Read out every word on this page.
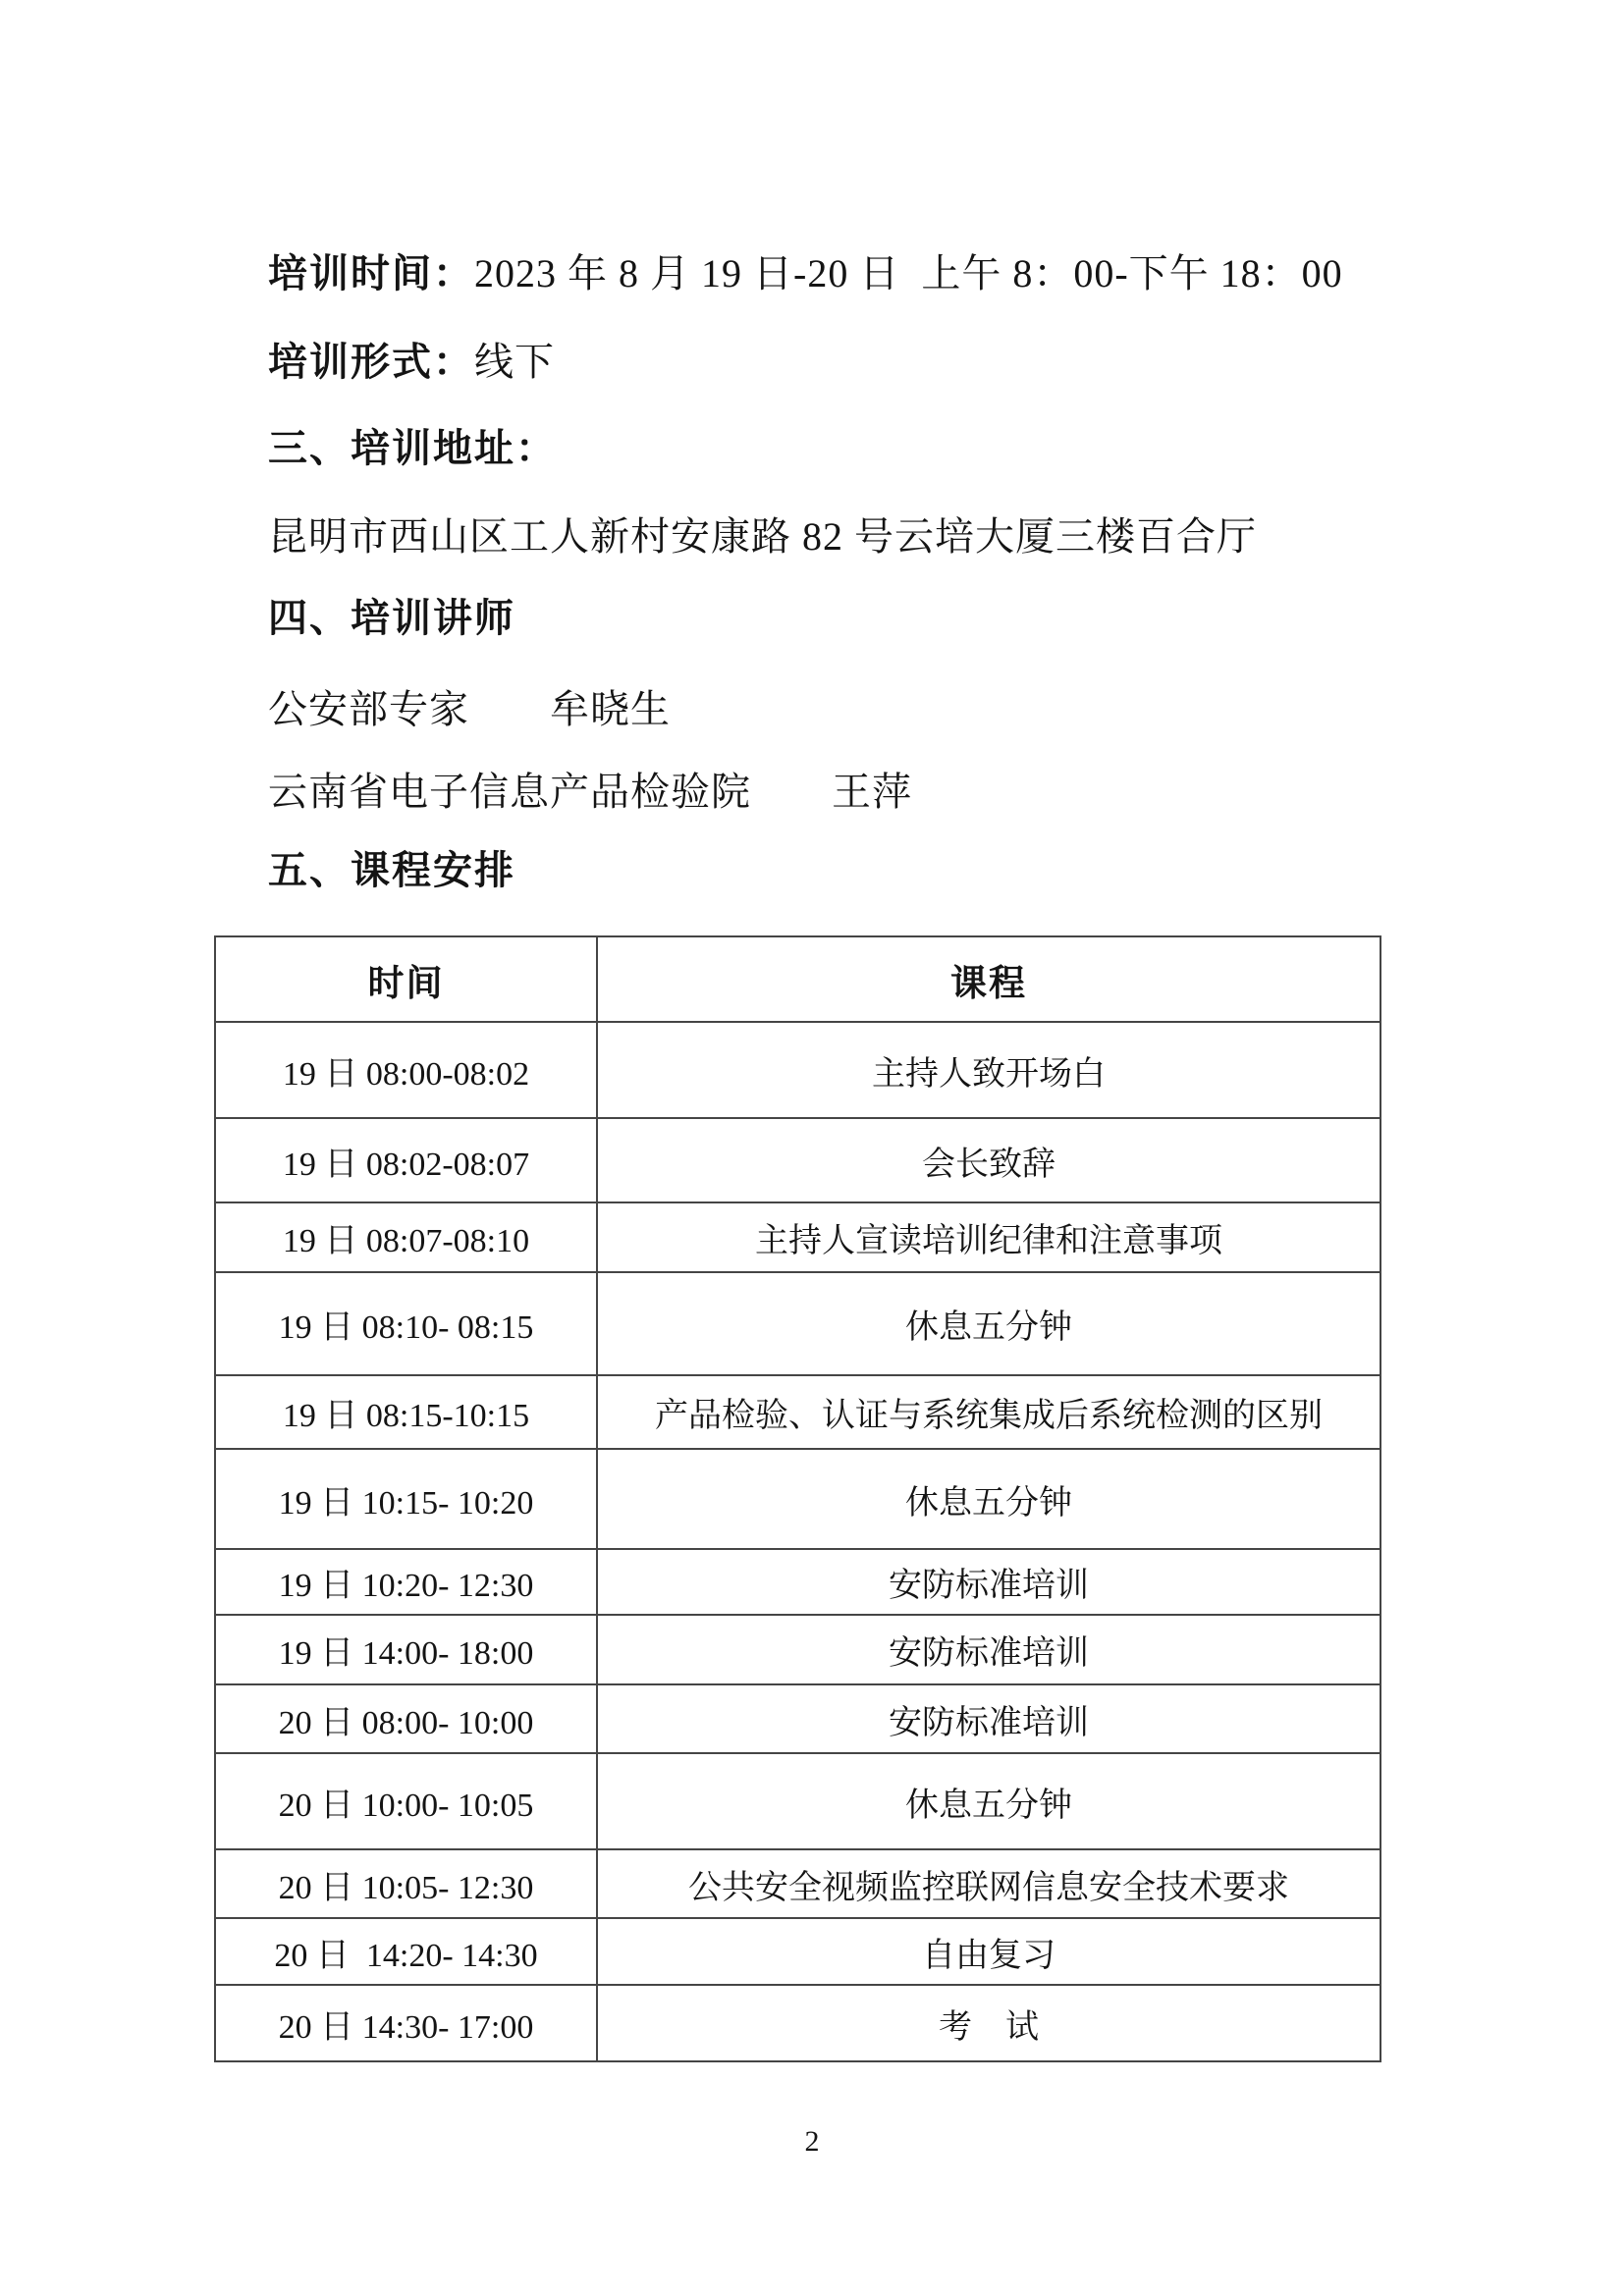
培训时间：2023 年 8 月 19 日-20 日  上午 8：00-下午 18：00

培训形式：线下

三、培训地址：

昆明市西山区工人新村安康路 82 号云培大厦三楼百合厅

四、培训讲师

公安部专家　　牟晓生

云南省电子信息产品检验院　　王萍

五、课程安排

时间	课程
19 日 08:00-08:02	主持人致开场白
19 日 08:02-08:07	会长致辞
19 日 08:07-08:10	主持人宣读培训纪律和注意事项
19 日 08:10- 08:15	休息五分钟
19 日 08:15-10:15	产品检验、认证与系统集成后系统检测的区别
19 日 10:15- 10:20	休息五分钟
19 日 10:20- 12:30	安防标准培训
19 日 14:00- 18:00	安防标准培训
20 日 08:00- 10:00	安防标准培训
20 日 10:00- 10:05	休息五分钟
20 日 10:05- 12:30	公共安全视频监控联网信息安全技术要求
20 日  14:20- 14:30	自由复习
20 日 14:30- 17:00	考　试
2
